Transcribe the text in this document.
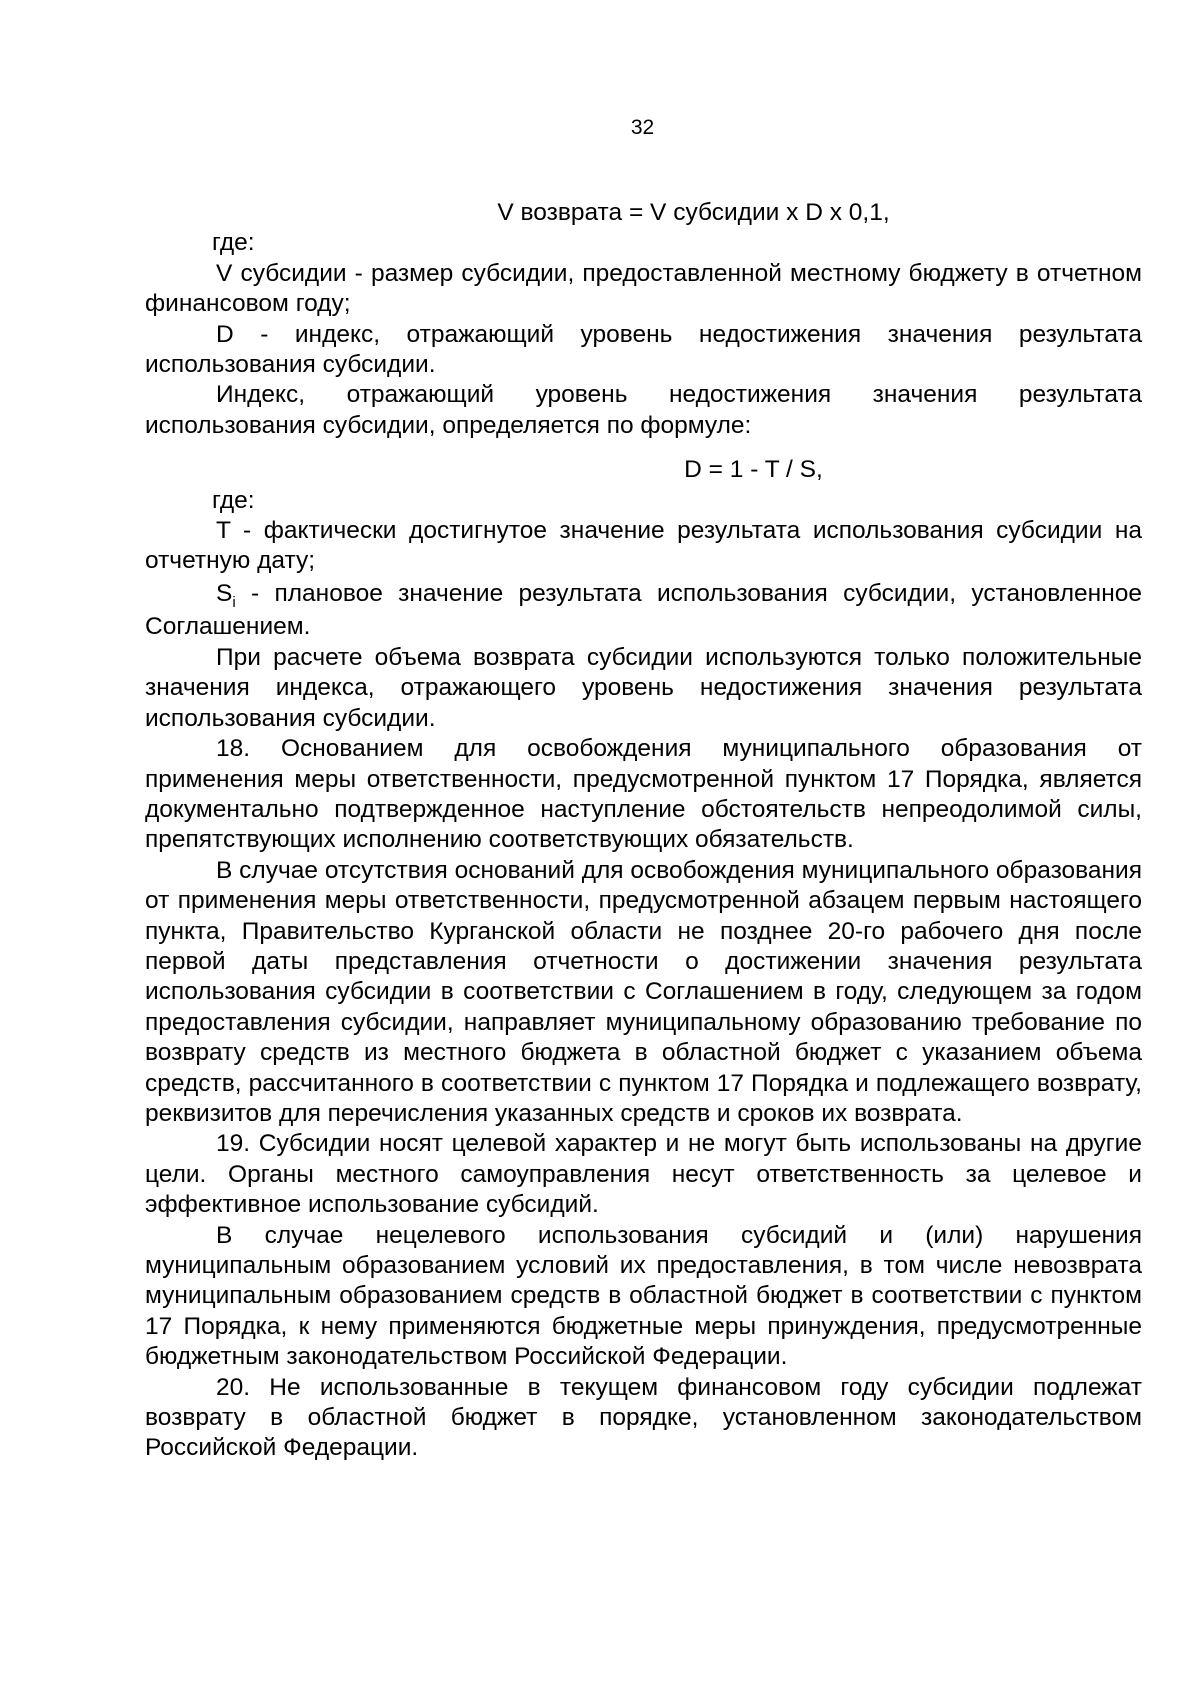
32

V возврата = V субсидии x D x 0,1,

где:

V субсидии - размер субсидии, предоставленной местному бюджету в отчетном финансовом году;

D - индекс, отражающий уровень недостижения значения результата использования субсидии.

Индекс, отражающий уровень недостижения значения результата использования субсидии, определяется по формуле:

D = 1 - T / S,

где:

T - фактически достигнутое значение результата использования субсидии на отчетную дату;

$S_i$ - плановое значение результата использования субсидии, установленное Соглашением.

При расчете объема возврата субсидии используются только положительные значения индекса, отражающего уровень недостижения значения результата использования субсидии.

18. Основанием для освобождения муниципального образования от применения меры ответственности, предусмотренной пунктом 17 Порядка, является документально подтвержденное наступление обстоятельств непреодолимой силы, препятствующих исполнению соответствующих обязательств.

В случае отсутствия оснований для освобождения муниципального образования от применения меры ответственности, предусмотренной абзацем первым настоящего пункта, Правительство Курганской области не позднее 20-го рабочего дня после первой даты представления отчетности о достижении значения результата использования субсидии в соответствии с Соглашением в году, следующем за годом предоставления субсидии, направляет муниципальному образованию требование по возврату средств из местного бюджета в областной бюджет с указанием объема средств, рассчитанного в соответствии с пунктом 17 Порядка и подлежащего возврату, реквизитов для перечисления указанных средств и сроков их возврата.

19. Субсидии носят целевой характер и не могут быть использованы на другие цели. Органы местного самоуправления несут ответственность за целевое и эффективное использование субсидий.

В случае нецелевого использования субсидий и (или) нарушения муниципальным образованием условий их предоставления, в том числе невозврата муниципальным образованием средств в областной бюджет в соответствии с пунктом 17 Порядка, к нему применяются бюджетные меры принуждения, предусмотренные бюджетным законодательством Российской Федерации.

20. Не использованные в текущем финансовом году субсидии подлежат возврату в областной бюджет в порядке, установленном законодательством Российской Федерации.
